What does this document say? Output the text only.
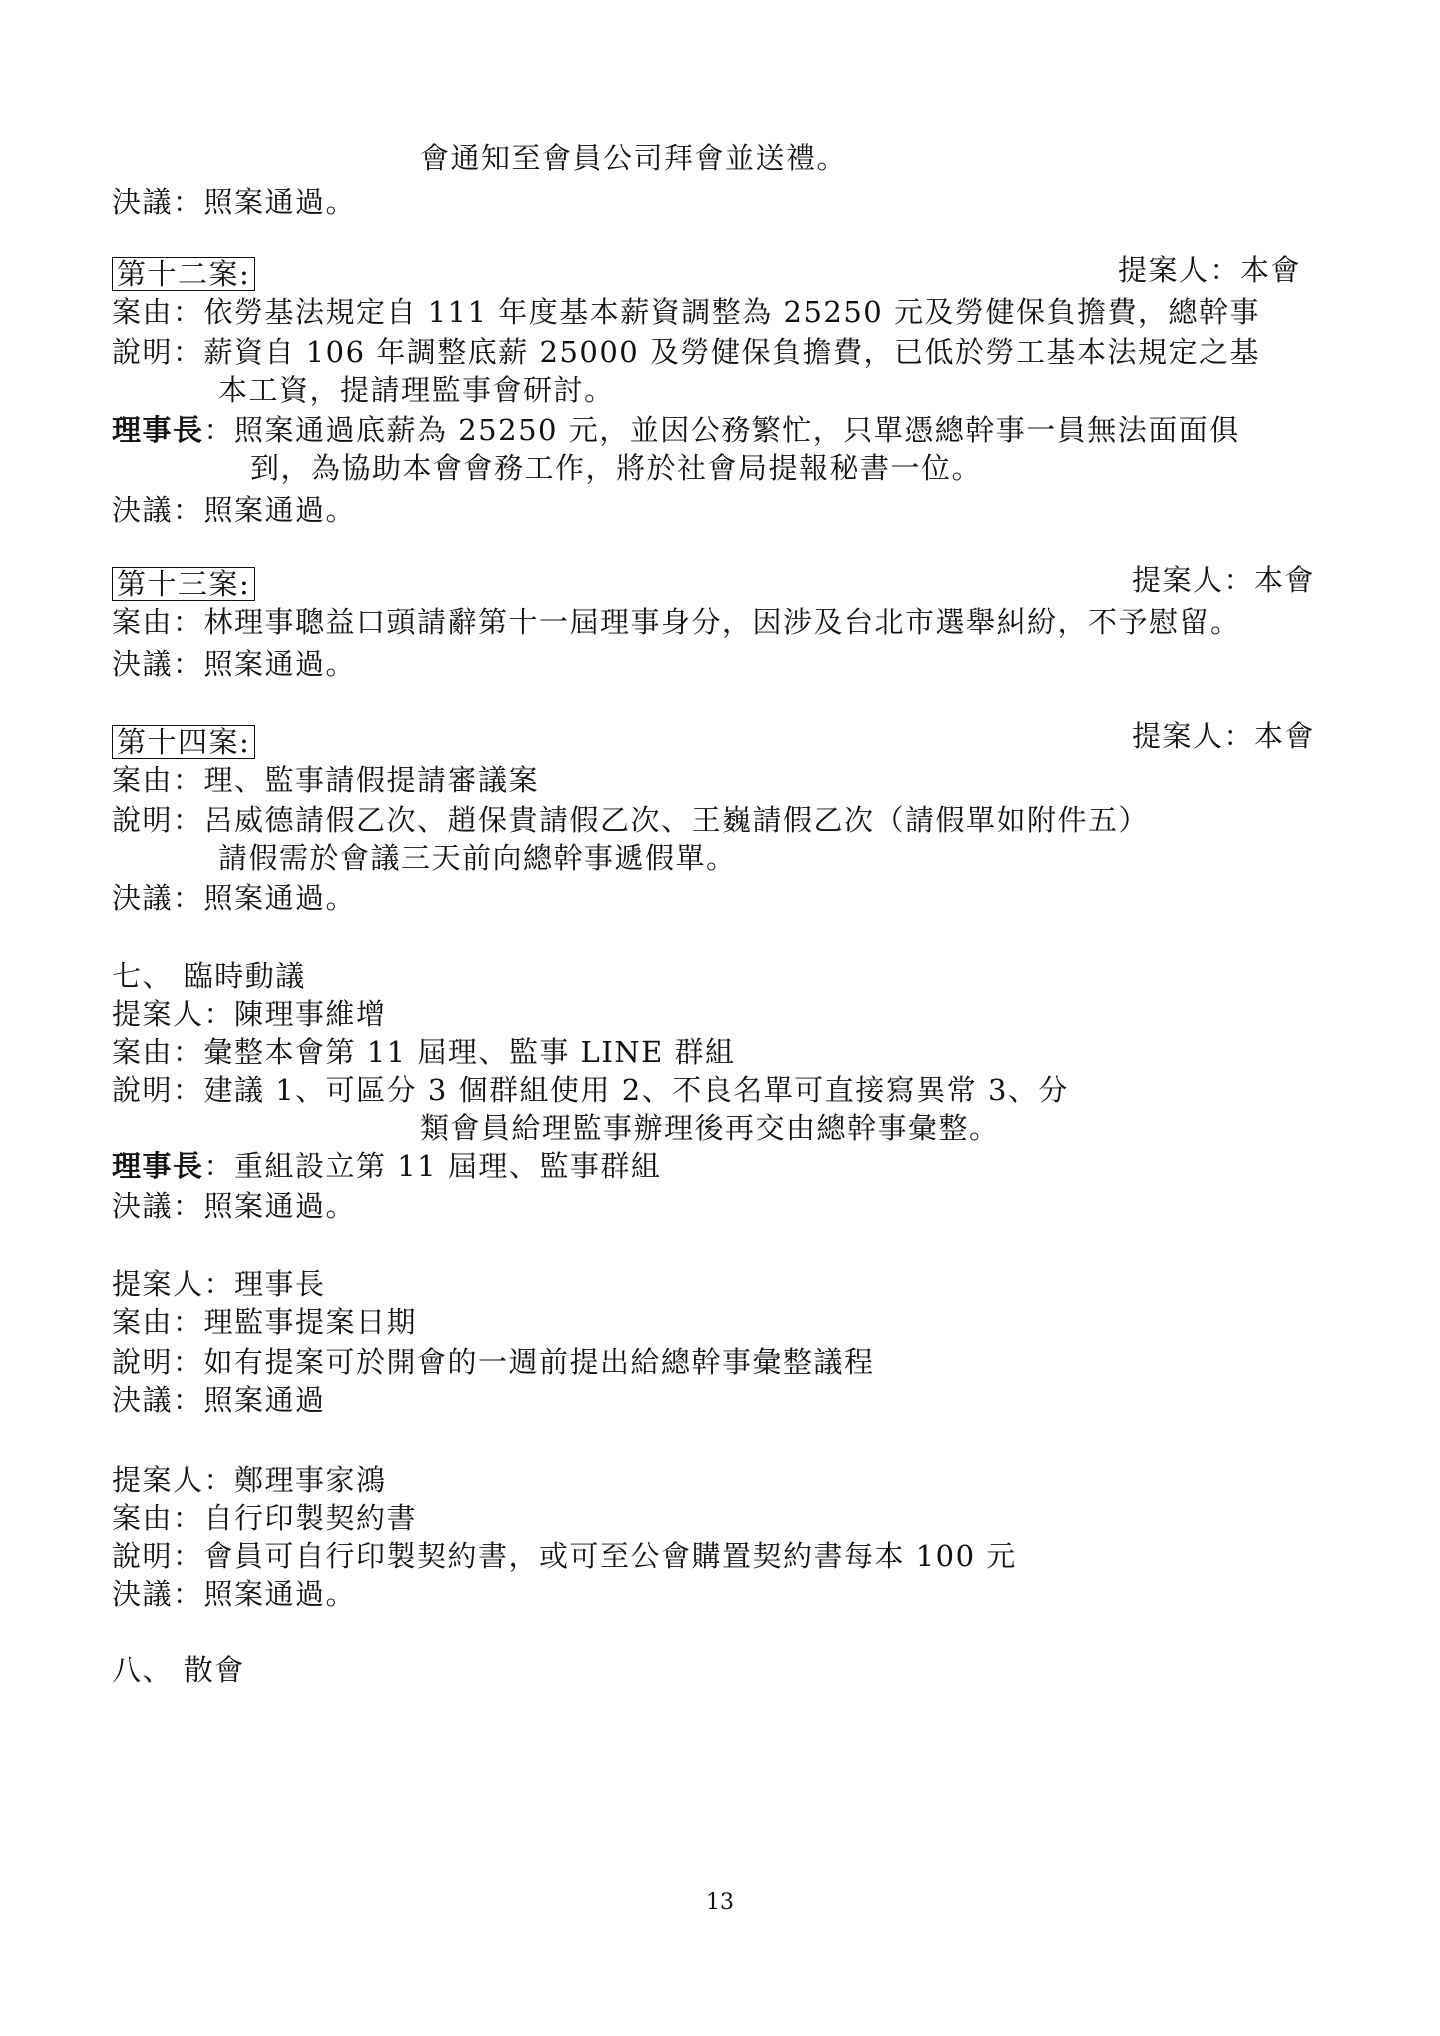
會通知至會員公司拜會並送禮。
決議：照案通過。
第十二案:	提案人：本會
案由：依勞基法規定自 111 年度基本薪資調整為 25250 元及勞健保負擔費，總幹事
說明：薪資自 106 年調整底薪 25000 及勞健保負擔費，已低於勞工基本法規定之基
本工資，提請理監事會研討。
理事長：照案通過底薪為 25250 元，並因公務繁忙，只單憑總幹事一員無法面面俱
到，為協助本會會務工作，將於社會局提報秘書一位。
決議：照案通過。
第十三案:	提案人：本會
案由：林理事聰益口頭請辭第十一屆理事身分，因涉及台北市選舉糾紛，不予慰留。
決議：照案通過。
第十四案:	提案人：本會
案由：理、監事請假提請審議案
說明：呂威德請假乙次、趙保貴請假乙次、王巍請假乙次（請假單如附件五）
請假需於會議三天前向總幹事遞假單。
決議：照案通過。
七、 臨時動議
提案人：陳理事維增
案由：彙整本會第 11 屆理、監事 LINE 群組
說明：建議 1、可區分 3 個群組使用 2、不良名單可直接寫異常 3、分
類會員給理監事辦理後再交由總幹事彙整。
理事長：重組設立第 11 屆理、監事群組
決議：照案通過。
提案人：理事長
案由：理監事提案日期
說明：如有提案可於開會的一週前提出給總幹事彙整議程
決議：照案通過
提案人：鄭理事家鴻
案由：自行印製契約書
說明：會員可自行印製契約書，或可至公會購置契約書每本 100 元
決議：照案通過。
八、 散會
13
